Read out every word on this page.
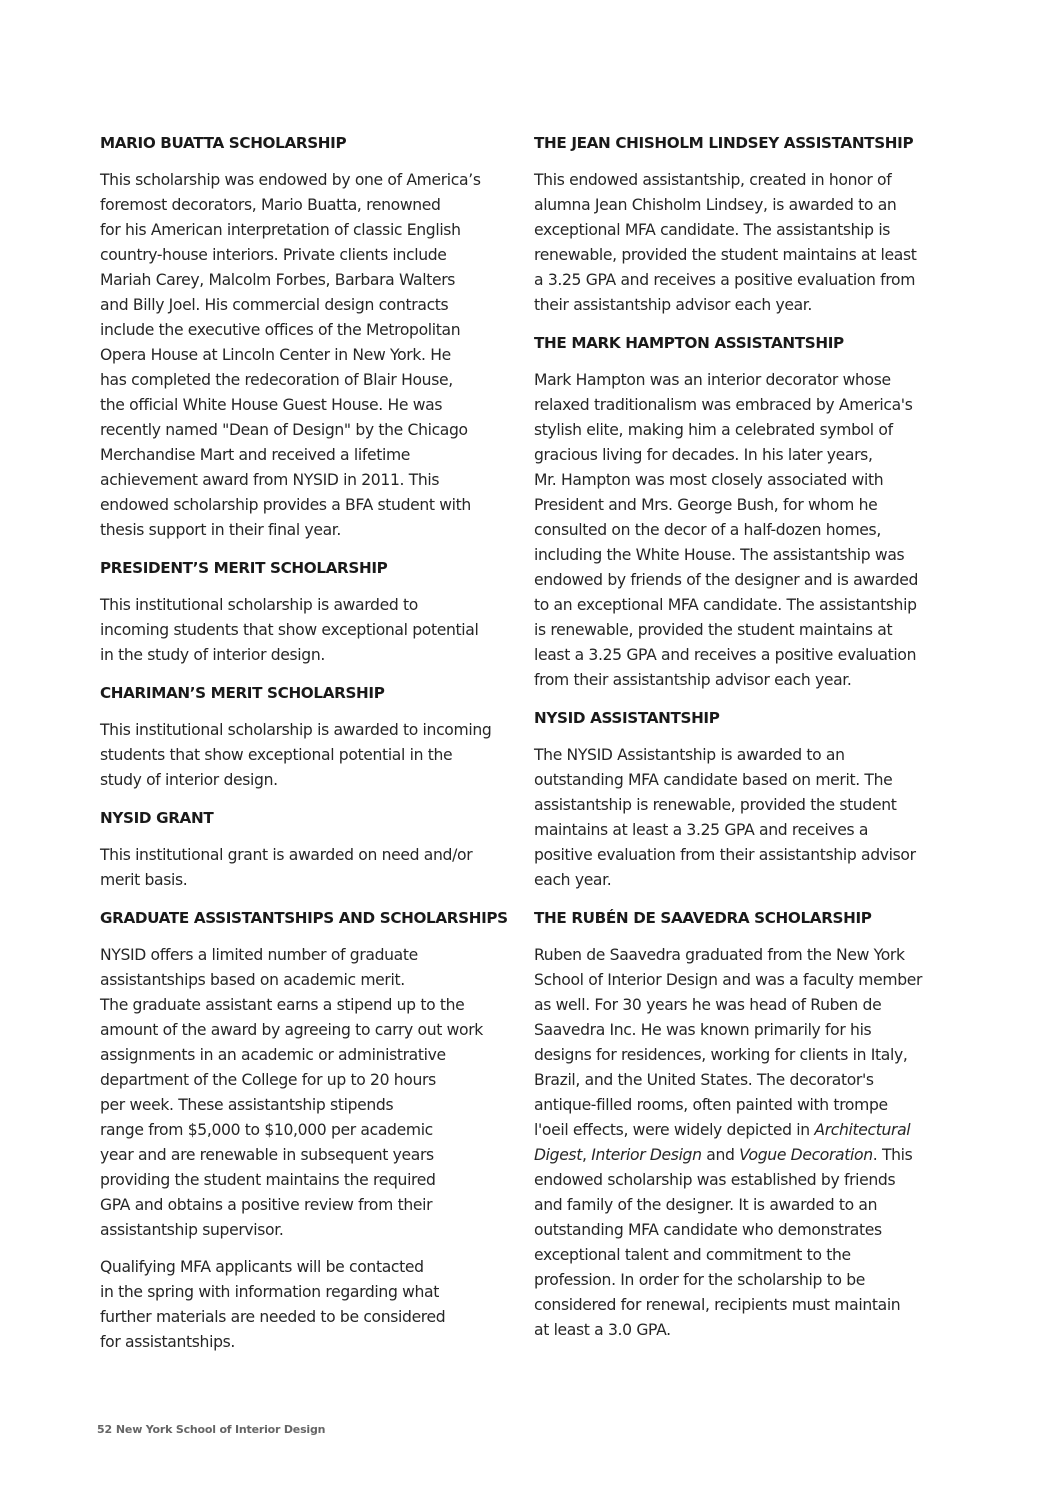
MARIO BUATTA SCHOLARSHIP
This scholarship was endowed by one of America’s
foremost decorators, Mario Buatta, renowned
for his American interpretation of classic English
country-house interiors. Private clients include
Mariah Carey, Malcolm Forbes, Barbara Walters
and Billy Joel. His commercial design contracts
include the executive offices of the Metropolitan
Opera House at Lincoln Center in New York. He
has completed the redecoration of Blair House,
the official White House Guest House. He was
recently named "Dean of Design" by the Chicago
Merchandise Mart and received a lifetime
achievement award from NYSID in 2011. This
endowed scholarship provides a BFA student with
thesis support in their final year.
PRESIDENT’S MERIT SCHOLARSHIP
This institutional scholarship is awarded to
incoming students that show exceptional potential
in the study of interior design.
CHARIMAN’S MERIT SCHOLARSHIP
This institutional scholarship is awarded to incoming
students that show exceptional potential in the
study of interior design.
NYSID GRANT
This institutional grant is awarded on need and/or
merit basis.
GRADUATE ASSISTANTSHIPS AND SCHOLARSHIPS
NYSID offers a limited number of graduate
assistantships based on academic merit.
The graduate assistant earns a stipend up to the
amount of the award by agreeing to carry out work
assignments in an academic or administrative
department of the College for up to 20 hours
per week. These assistantship stipends
range from $5,000 to $10,000 per academic
year and are renewable in subsequent years
providing the student maintains the required
GPA and obtains a positive review from their
assistantship supervisor.
Qualifying MFA applicants will be contacted
in the spring with information regarding what
further materials are needed to be considered
for assistantships.
THE JEAN CHISHOLM LINDSEY ASSISTANTSHIP
This endowed assistantship, created in honor of
alumna Jean Chisholm Lindsey, is awarded to an
exceptional MFA candidate. The assistantship is
renewable, provided the student maintains at least
a 3.25 GPA and receives a positive evaluation from
their assistantship advisor each year.
THE MARK HAMPTON ASSISTANTSHIP
Mark Hampton was an interior decorator whose
relaxed traditionalism was embraced by America's
stylish elite, making him a celebrated symbol of
gracious living for decades. In his later years,
Mr. Hampton was most closely associated with
President and Mrs. George Bush, for whom he
consulted on the decor of a half-dozen homes,
including the White House. The assistantship was
endowed by friends of the designer and is awarded
to an exceptional MFA candidate. The assistantship
is renewable, provided the student maintains at
least a 3.25 GPA and receives a positive evaluation
from their assistantship advisor each year.
NYSID ASSISTANTSHIP
The NYSID Assistantship is awarded to an
outstanding MFA candidate based on merit. The
assistantship is renewable, provided the student
maintains at least a 3.25 GPA and receives a
positive evaluation from their assistantship advisor
each year.
THE RUBÉN DE SAAVEDRA SCHOLARSHIP
Ruben de Saavedra graduated from the New York
School of Interior Design and was a faculty member
as well. For 30 years he was head of Ruben de
Saavedra Inc. He was known primarily for his
designs for residences, working for clients in Italy,
Brazil, and the United States. The decorator's
antique-filled rooms, often painted with trompe
l'oeil effects, were widely depicted in Architectural
Digest, Interior Design and Vogue Decoration. This
endowed scholarship was established by friends
and family of the designer. It is awarded to an
outstanding MFA candidate who demonstrates
exceptional talent and commitment to the
profession. In order for the scholarship to be
considered for renewal, recipients must maintain
at least a 3.0 GPA.
52 New York School of Interior Design
